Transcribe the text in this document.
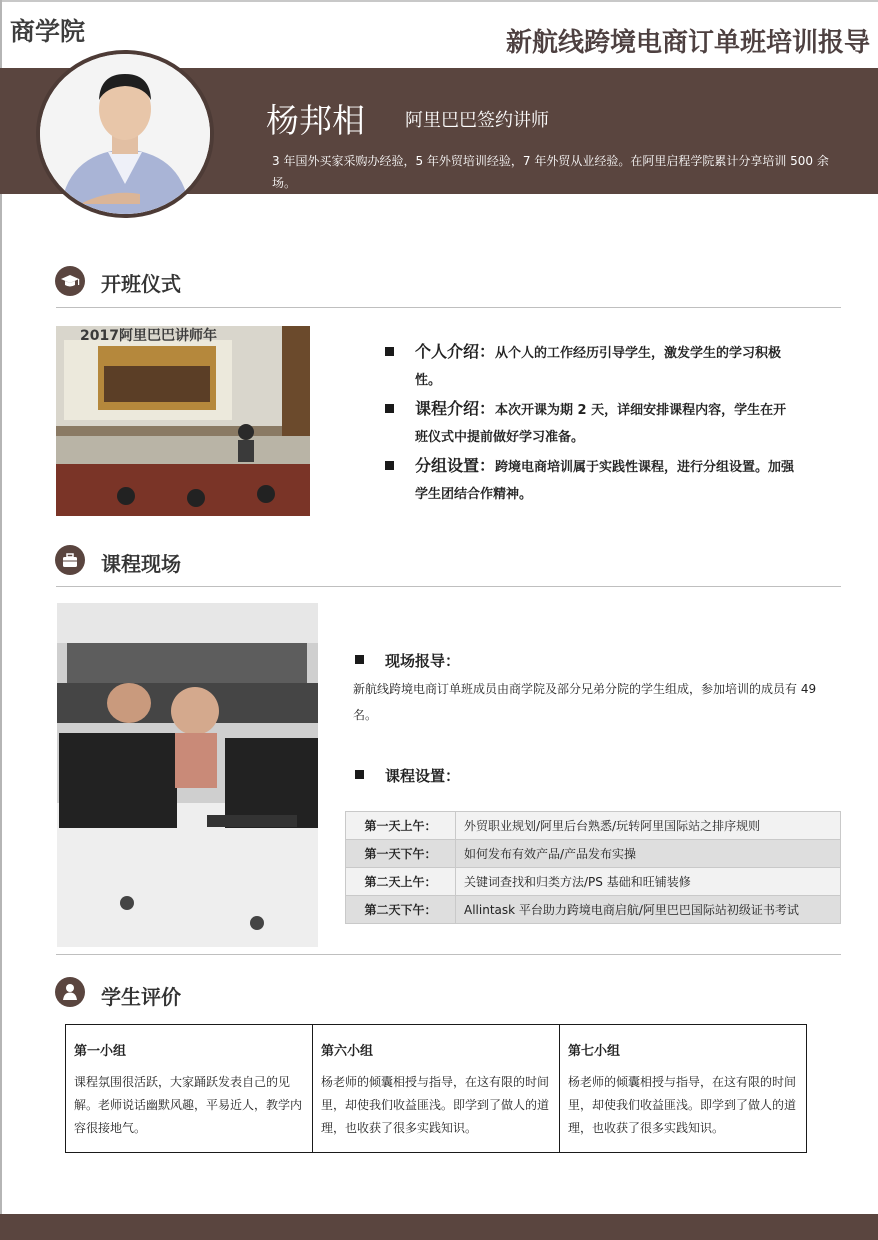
商学院	新航线跨境电商订单班培训报导
杨邦相 阿里巴巴签约讲师
3 年国外买家采购办经验，5 年外贸培训经验，7 年外贸从业经验。在阿里启程学院累计分享培训 500 余场。
开班仪式
2017阿里巴巴讲师年
个人介绍：从个人的工作经历引导学生，激发学生的学习积极性。
课程介绍：本次开课为期 2 天，详细安排课程内容，学生在开班仪式中提前做好学习准备。
分组设置：跨境电商培训属于实践性课程，进行分组设置。加强学生团结合作精神。
课程现场
现场报导：
新航线跨境电商订单班成员由商学院及部分兄弟分院的学生组成，参加培训的成员有 49 名。
课程设置：
第一天上午：	外贸职业规划/阿里后台熟悉/玩转阿里国际站之排序规则
第一天下午：	如何发布有效产品/产品发布实操
第二天上午：	关键词查找和归类方法/PS 基础和旺铺装修
第二天下午：	Allintask 平台助力跨境电商启航/阿里巴巴国际站初级证书考试
学生评价
第一小组
课程氛围很活跃，大家踊跃发表自己的见解。老师说话幽默风趣，平易近人，教学内容很接地气。
第六小组
杨老师的倾囊相授与指导，在这有限的时间里，却使我们收益匪浅。即学到了做人的道理，也收获了很多实践知识。
第七小组
杨老师的倾囊相授与指导，在这有限的时间里，却使我们收益匪浅。即学到了做人的道理，也收获了很多实践知识。
